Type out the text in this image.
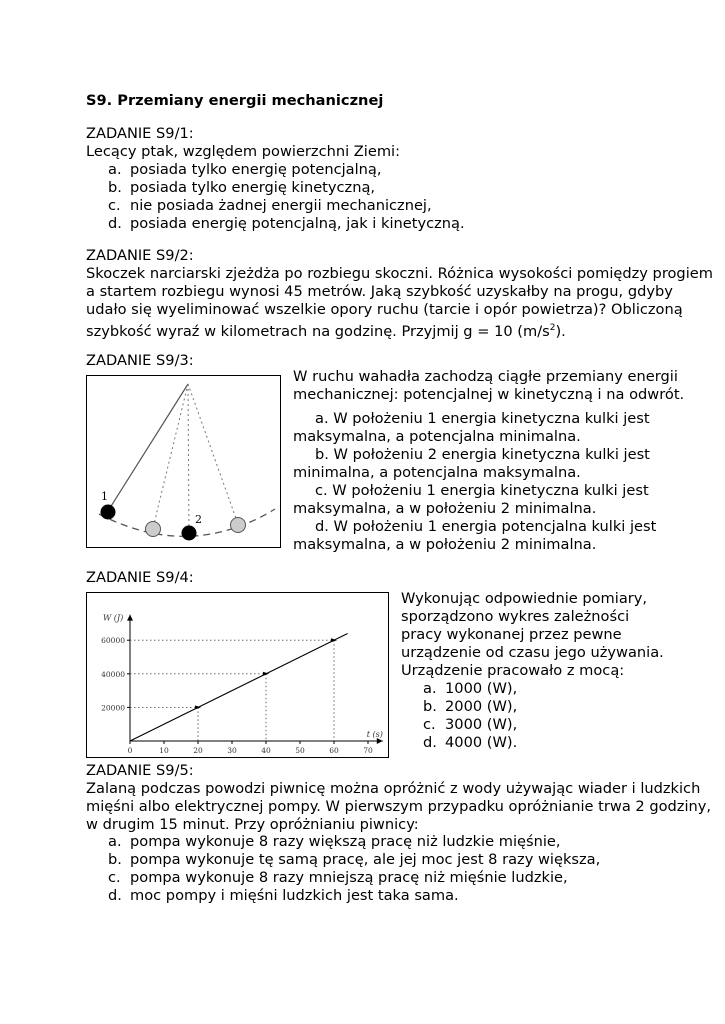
S9. Przemiany energii mechanicznej
ZADANIE S9/1:
Lecący ptak, względem powierzchni Ziemi:
a. posiada tylko energię potencjalną,
b. posiada tylko energię kinetyczną,
c. nie posiada żadnej energii mechanicznej,
d. posiada energię potencjalną, jak i kinetyczną.
ZADANIE S9/2:
Skoczek narciarski zjeżdża po rozbiegu skoczni. Różnica wysokości pomiędzy progiem
a startem rozbiegu wynosi 45 metrów. Jaką szybkość uzyskałby na progu, gdyby
udało się wyeliminować wszelkie opory ruchu (tarcie i opór powietrza)? Obliczoną
szybkość wyraź w kilometrach na godzinę. Przyjmij g = 10 $(m/s^2)$.
ZADANIE S9/3:
1
2
W ruchu wahadła zachodzą ciągłe przemiany energii
mechanicznej: potencjalnej w kinetyczną i na odwrót.
a. W położeniu 1 energia kinetyczna kulki jest
maksymalna, a potencjalna minimalna.
b. W położeniu 2 energia kinetyczna kulki jest
minimalna, a potencjalna maksymalna.
c. W położeniu 1 energia kinetyczna kulki jest
maksymalna, a w położeniu 2 minimalna.
d. W położeniu 1 energia potencjalna kulki jest
maksymalna, a w położeniu 2 minimalna.
ZADANIE S9/4:
0	10	20	30	40	50	60	70
20000
40000
60000
W (J)
t (s)
Wykonując odpowiednie pomiary,
sporządzono wykres zależności
pracy wykonanej przez pewne
urządzenie od czasu jego używania.
Urządzenie pracowało z mocą:
a. 1000 (W),
b. 2000 (W),
c. 3000 (W),
d. 4000 (W).
ZADANIE S9/5:
Zalaną podczas powodzi piwnicę można opróżnić z wody używając wiader i ludzkich
mięśni albo elektrycznej pompy. W pierwszym przypadku opróżnianie trwa 2 godziny,
w drugim 15 minut. Przy opróżnianiu piwnicy:
a. pompa wykonuje 8 razy większą pracę niż ludzkie mięśnie,
b. pompa wykonuje tę samą pracę, ale jej moc jest 8 razy większa,
c. pompa wykonuje 8 razy mniejszą pracę niż mięśnie ludzkie,
d. moc pompy i mięśni ludzkich jest taka sama.
